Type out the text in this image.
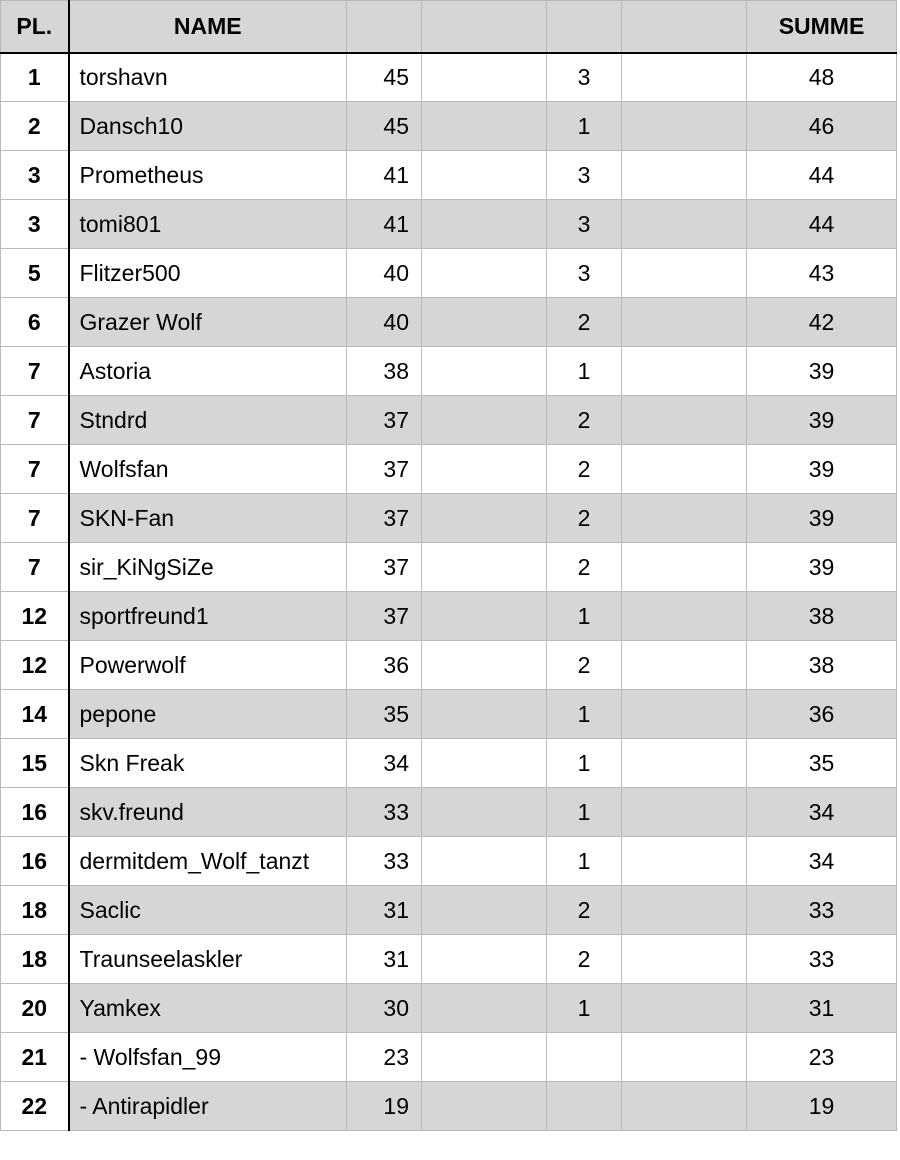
PL.	NAME					SUMME
1	torshavn	45		3		48
2	Dansch10	45		1		46
3	Prometheus	41		3		44
3	tomi801	41		3		44
5	Flitzer500	40		3		43
6	Grazer Wolf	40		2		42
7	Astoria	38		1		39
7	Stndrd	37		2		39
7	Wolfsfan	37		2		39
7	SKN-Fan	37		2		39
7	sir_KiNgSiZe	37		2		39
12	sportfreund1	37		1		38
12	Powerwolf	36		2		38
14	pepone	35		1		36
15	Skn Freak	34		1		35
16	skv.freund	33		1		34
16	dermitdem_Wolf_tanzt	33		1		34
18	Saclic	31		2		33
18	Traunseelaskler	31		2		33
20	Yamkex	30		1		31
21	- Wolfsfan_99	23				23
22	- Antirapidler	19				19
